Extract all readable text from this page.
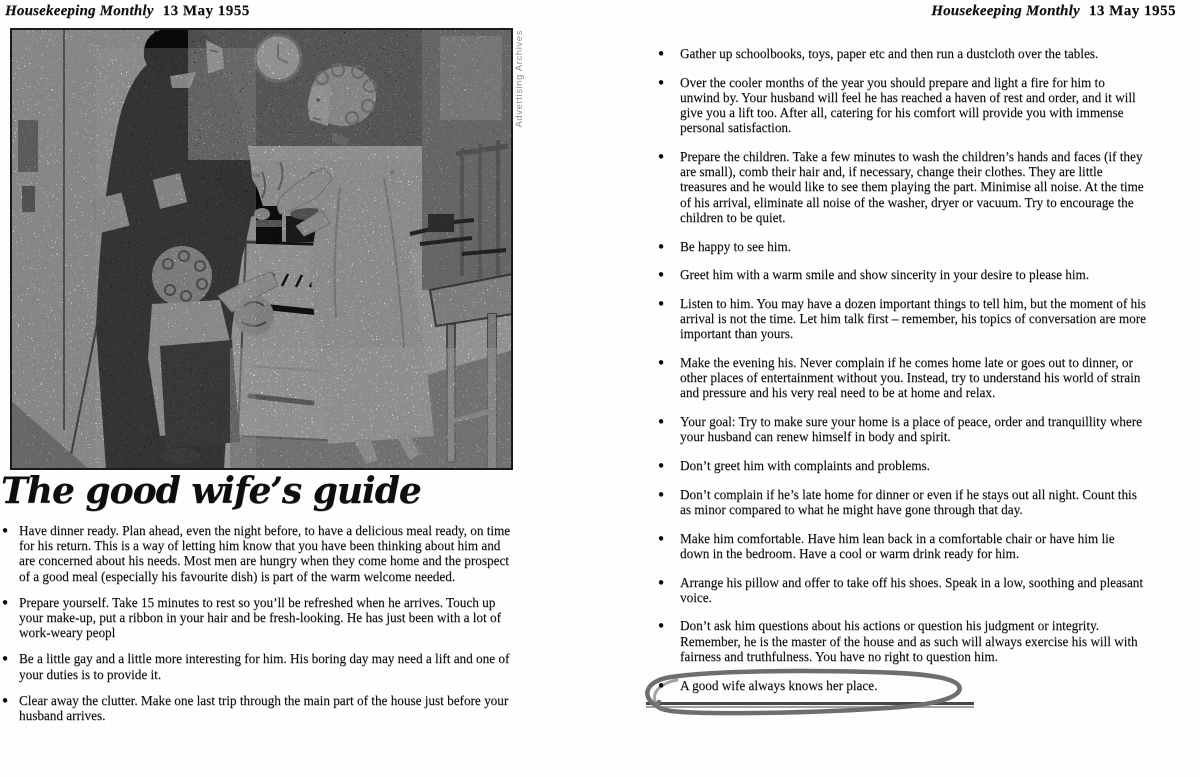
Housekeeping Monthly 13 May 1955	Housekeeping Monthly 13 May 1955
Advertising Archives
The good wife’s guide
● Have dinner ready. Plan ahead, even the night before, to have a delicious meal ready, on time for his return. This is a way of letting him know that you have been thinking about him and are concerned about his needs. Most men are hungry when they come home and the prospect of a good meal (especially his favourite dish) is part of the warm welcome needed.
● Prepare yourself. Take 15 minutes to rest so you’ll be refreshed when he arrives. Touch up your make-up, put a ribbon in your hair and be fresh-looking. He has just been with a lot of work-weary peopl
● Be a little gay and a little more interesting for him. His boring day may need a lift and one of your duties is to provide it.
● Clear away the clutter. Make one last trip through the main part of the house just before your husband arrives.
● Gather up schoolbooks, toys, paper etc and then run a dustcloth over the tables.
● Over the cooler months of the year you should prepare and light a fire for him to unwind by. Your husband will feel he has reached a haven of rest and order, and it will give you a lift too. After all, catering for his comfort will provide you with immense personal satisfaction.
● Prepare the children. Take a few minutes to wash the children’s hands and faces (if they are small), comb their hair and, if necessary, change their clothes. They are little treasures and he would like to see them playing the part. Minimise all noise. At the time of his arrival, eliminate all noise of the washer, dryer or vacuum. Try to encourage the children to be quiet.
● Be happy to see him.
● Greet him with a warm smile and show sincerity in your desire to please him.
● Listen to him. You may have a dozen important things to tell him, but the moment of his arrival is not the time. Let him talk first – remember, his topics of conversation are more important than yours.
● Make the evening his. Never complain if he comes home late or goes out to dinner, or other places of entertainment without you. Instead, try to understand his world of strain and pressure and his very real need to be at home and relax.
● Your goal: Try to make sure your home is a place of peace, order and tranquillity where your husband can renew himself in body and spirit.
● Don’t greet him with complaints and problems.
● Don’t complain if he’s late home for dinner or even if he stays out all night. Count this as minor compared to what he might have gone through that day.
● Make him comfortable. Have him lean back in a comfortable chair or have him lie down in the bedroom. Have a cool or warm drink ready for him.
● Arrange his pillow and offer to take off his shoes. Speak in a low, soothing and pleasant voice.
● Don’t ask him questions about his actions or question his judgment or integrity. Remember, he is the master of the house and as such will always exercise his will with fairness and truthfulness. You have no right to question him.
● A good wife always knows her place.
